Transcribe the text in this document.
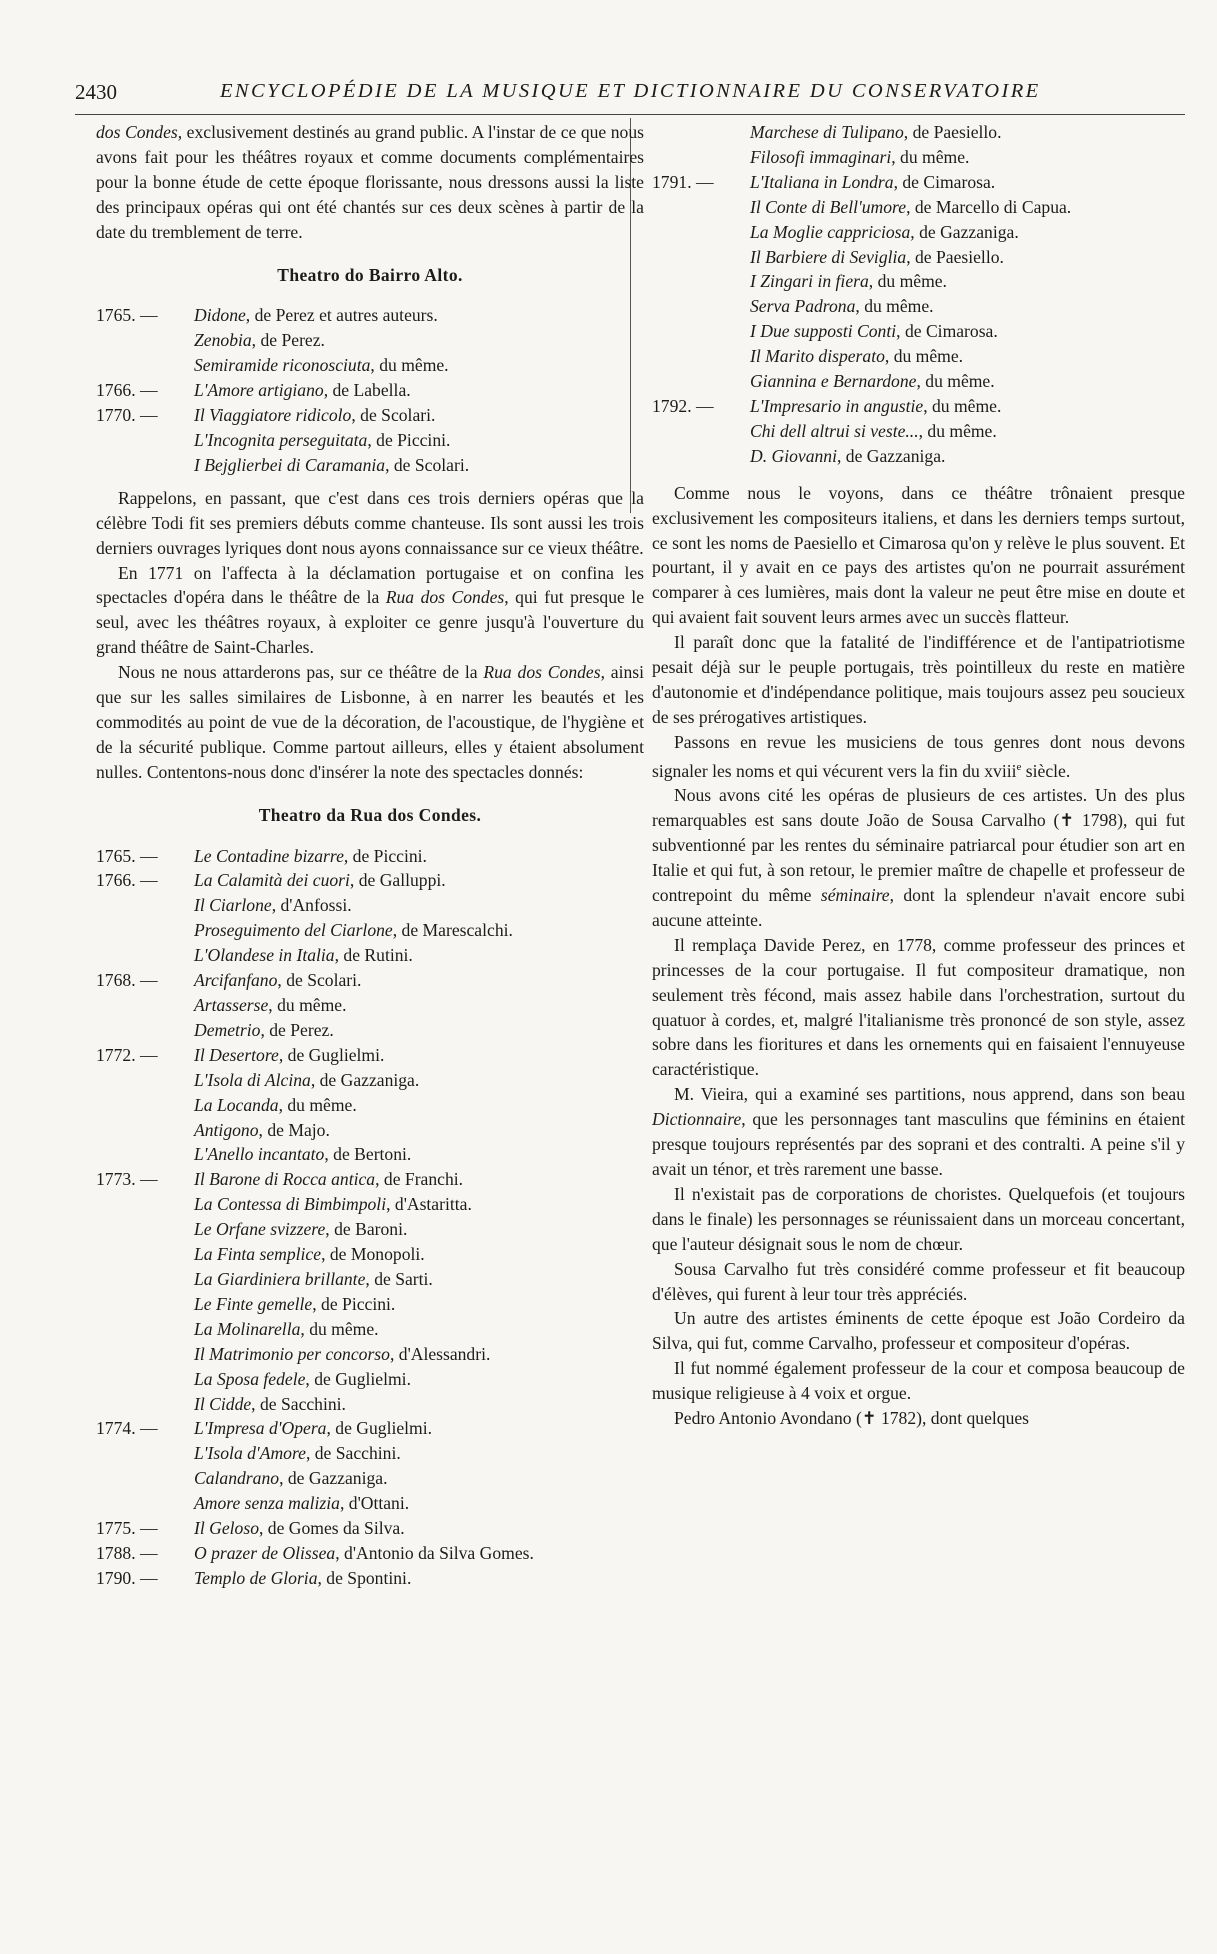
2430	ENCYCLOPÉDIE DE LA MUSIQUE ET DICTIONNAIRE DU CONSERVATOIRE

dos Condes, exclusivement destinés au grand public. A l'instar de ce que nous avons fait pour les théâtres royaux et comme documents complémentaires pour la bonne étude de cette époque florissante, nous dressons aussi la liste des principaux opéras qui ont été chantés sur ces deux scènes à partir de la date du tremblement de terre.

Theatro do Bairro Alto.
1765. —	Didone, de Perez et autres auteurs.
Zenobia, de Perez.
Semiramide riconosciuta, du même.
1766. —	L'Amore artigiano, de Labella.
1770. —	Il Viaggiatore ridicolo, de Scolari.
L'Incognita perseguitata, de Piccini.
I Bejglierbei di Caramania, de Scolari.

Rappelons, en passant, que c'est dans ces trois derniers opéras que la célèbre Todi fit ses premiers débuts comme chanteuse. Ils sont aussi les trois derniers ouvrages lyriques dont nous ayons connaissance sur ce vieux théâtre.

En 1771 on l'affecta à la déclamation portugaise et on confina les spectacles d'opéra dans le théâtre de la Rua dos Condes, qui fut presque le seul, avec les théâtres royaux, à exploiter ce genre jusqu'à l'ouverture du grand théâtre de Saint-Charles.

Nous ne nous attarderons pas, sur ce théâtre de la Rua dos Condes, ainsi que sur les salles similaires de Lisbonne, à en narrer les beautés et les commodités au point de vue de la décoration, de l'acoustique, de l'hygiène et de la sécurité publique. Comme partout ailleurs, elles y étaient absolument nulles. Contentons-nous donc d'insérer la note des spectacles donnés:

Theatro da Rua dos Condes.
1765. —	Le Contadine bizarre, de Piccini.
1766. —	La Calamità dei cuori, de Galluppi.
Il Ciarlone, d'Anfossi.
Proseguimento del Ciarlone, de Marescalchi.
L'Olandese in Italia, de Rutini.
1768. —	Arcifanfano, de Scolari.
Artasserse, du même.
Demetrio, de Perez.
1772. —	Il Desertore, de Guglielmi.
L'Isola di Alcina, de Gazzaniga.
La Locanda, du même.
Antigono, de Majo.
L'Anello incantato, de Bertoni.
1773. —	Il Barone di Rocca antica, de Franchi.
La Contessa di Bimbimpoli, d'Astaritta.
Le Orfane svizzere, de Baroni.
La Finta semplice, de Monopoli.
La Giardiniera brillante, de Sarti.
Le Finte gemelle, de Piccini.
La Molinarella, du même.
Il Matrimonio per concorso, d'Alessandri.
La Sposa fedele, de Guglielmi.
Il Cidde, de Sacchini.
1774. —	L'Impresa d'Opera, de Guglielmi.
L'Isola d'Amore, de Sacchini.
Calandrano, de Gazzaniga.
Amore senza malizia, d'Ottani.
1775. —	Il Geloso, de Gomes da Silva.
1788. —	O prazer de Olissea, d'Antonio da Silva Gomes.
1790. —	Templo de Gloria, de Spontini.
Marchese di Tulipano, de Paesiello.
Filosofi immaginari, du même.
1791. —	L'Italiana in Londra, de Cimarosa.
Il Conte di Bell'umore, de Marcello di Capua.
La Moglie cappriciosa, de Gazzaniga.
Il Barbiere di Seviglia, de Paesiello.
I Zingari in fiera, du même.
Serva Padrona, du même.
I Due supposti Conti, de Cimarosa.
Il Marito disperato, du même.
Giannina e Bernardone, du même.
1792. —	L'Impresario in angustie, du même.
Chi dell altrui si veste..., du même.
D. Giovanni, de Gazzaniga.

Comme nous le voyons, dans ce théâtre trônaient presque exclusivement les compositeurs italiens, et dans les derniers temps surtout, ce sont les noms de Paesiello et Cimarosa qu'on y relève le plus souvent. Et pourtant, il y avait en ce pays des artistes qu'on ne pourrait assurément comparer à ces lumières, mais dont la valeur ne peut être mise en doute et qui avaient fait souvent leurs armes avec un succès flatteur.

Il paraît donc que la fatalité de l'indifférence et de l'antipatriotisme pesait déjà sur le peuple portugais, très pointilleux du reste en matière d'autonomie et d'indépendance politique, mais toujours assez peu soucieux de ses prérogatives artistiques.

Passons en revue les musiciens de tous genres dont nous devons signaler les noms et qui vécurent vers la fin du xviii$^e$ siècle.

Nous avons cité les opéras de plusieurs de ces artistes. Un des plus remarquables est sans doute João de Sousa Carvalho (✝ 1798), qui fut subventionné par les rentes du séminaire patriarcal pour étudier son art en Italie et qui fut, à son retour, le premier maître de chapelle et professeur de contrepoint du même séminaire, dont la splendeur n'avait encore subi aucune atteinte.

Il remplaça Davide Perez, en 1778, comme professeur des princes et princesses de la cour portugaise. Il fut compositeur dramatique, non seulement très fécond, mais assez habile dans l'orchestration, surtout du quatuor à cordes, et, malgré l'italianisme très prononcé de son style, assez sobre dans les fioritures et dans les ornements qui en faisaient l'ennuyeuse caractéristique.

M. Vieira, qui a examiné ses partitions, nous apprend, dans son beau Dictionnaire, que les personnages tant masculins que féminins en étaient presque toujours représentés par des soprani et des contralti. A peine s'il y avait un ténor, et très rarement une basse.

Il n'existait pas de corporations de choristes. Quelquefois (et toujours dans le finale) les personnages se réunissaient dans un morceau concertant, que l'auteur désignait sous le nom de chœur.

Sousa Carvalho fut très considéré comme professeur et fit beaucoup d'élèves, qui furent à leur tour très appréciés.

Un autre des artistes éminents de cette époque est João Cordeiro da Silva, qui fut, comme Carvalho, professeur et compositeur d'opéras.

Il fut nommé également professeur de la cour et composa beaucoup de musique religieuse à 4 voix et orgue.

Pedro Antonio Avondano (✝ 1782), dont quelques
